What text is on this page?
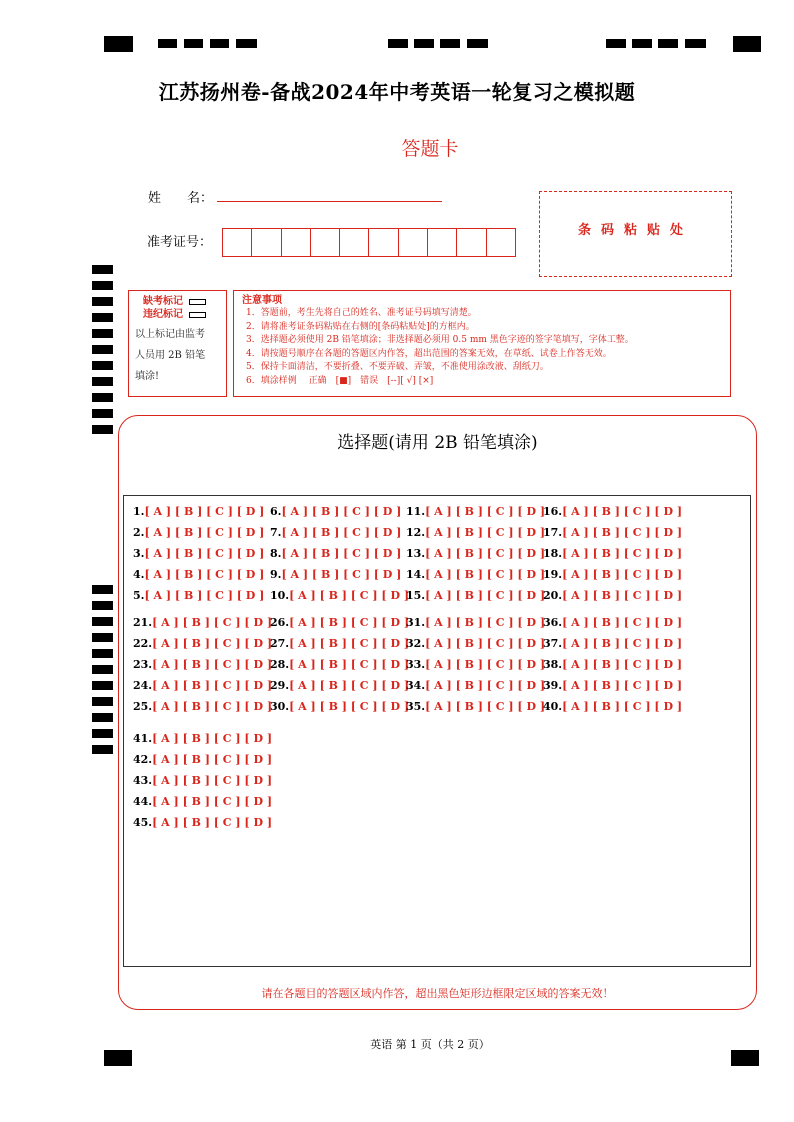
江苏扬州卷-备战2024年中考英语一轮复习之模拟题
答题卡
姓　　名：
准考证号：
条码粘贴处
缺考标记
违纪标记
以上标记由监考
人员用 2B 铅笔
填涂!
注意事项
1．答题前，考生先将自己的姓名、准考证号码填写清楚。
2．请将准考证条码粘贴在右侧的[条码粘贴处]的方框内。
3．选择题必须使用 2B 铅笔填涂；非选择题必须用 0.5 mm 黑色字迹的签字笔填写，字体工整。
4．请按题号顺序在各题的答题区内作答，超出范围的答案无效，在草纸、试卷上作答无效。
5．保持卡面清洁，不要折叠、不要弄破、弄皱，不准使用涂改液、刮纸刀。
6．填涂样例　 正确　[■]　错误　[--][ √] [×]
选择题(请用 2B 铅笔填涂)
1.[ A ] [ B ] [ C ] [ D ]
2.[ A ] [ B ] [ C ] [ D ]
3.[ A ] [ B ] [ C ] [ D ]
4.[ A ] [ B ] [ C ] [ D ]
5.[ A ] [ B ] [ C ] [ D ]
6.[ A ] [ B ] [ C ] [ D ]
7.[ A ] [ B ] [ C ] [ D ]
8.[ A ] [ B ] [ C ] [ D ]
9.[ A ] [ B ] [ C ] [ D ]
10.[ A ] [ B ] [ C ] [ D ]
11.[ A ] [ B ] [ C ] [ D ]
12.[ A ] [ B ] [ C ] [ D ]
13.[ A ] [ B ] [ C ] [ D ]
14.[ A ] [ B ] [ C ] [ D ]
15.[ A ] [ B ] [ C ] [ D ]
16.[ A ] [ B ] [ C ] [ D ]
17.[ A ] [ B ] [ C ] [ D ]
18.[ A ] [ B ] [ C ] [ D ]
19.[ A ] [ B ] [ C ] [ D ]
20.[ A ] [ B ] [ C ] [ D ]
21.[ A ] [ B ] [ C ] [ D ]
22.[ A ] [ B ] [ C ] [ D ]
23.[ A ] [ B ] [ C ] [ D ]
24.[ A ] [ B ] [ C ] [ D ]
25.[ A ] [ B ] [ C ] [ D ]
26.[ A ] [ B ] [ C ] [ D ]
27.[ A ] [ B ] [ C ] [ D ]
28.[ A ] [ B ] [ C ] [ D ]
29.[ A ] [ B ] [ C ] [ D ]
30.[ A ] [ B ] [ C ] [ D ]
31.[ A ] [ B ] [ C ] [ D ]
32.[ A ] [ B ] [ C ] [ D ]
33.[ A ] [ B ] [ C ] [ D ]
34.[ A ] [ B ] [ C ] [ D ]
35.[ A ] [ B ] [ C ] [ D ]
36.[ A ] [ B ] [ C ] [ D ]
37.[ A ] [ B ] [ C ] [ D ]
38.[ A ] [ B ] [ C ] [ D ]
39.[ A ] [ B ] [ C ] [ D ]
40.[ A ] [ B ] [ C ] [ D ]
41.[ A ] [ B ] [ C ] [ D ]
42.[ A ] [ B ] [ C ] [ D ]
43.[ A ] [ B ] [ C ] [ D ]
44.[ A ] [ B ] [ C ] [ D ]
45.[ A ] [ B ] [ C ] [ D ]
请在各题目的答题区域内作答，超出黑色矩形边框限定区域的答案无效！
英语 第 1 页（共 2 页）
